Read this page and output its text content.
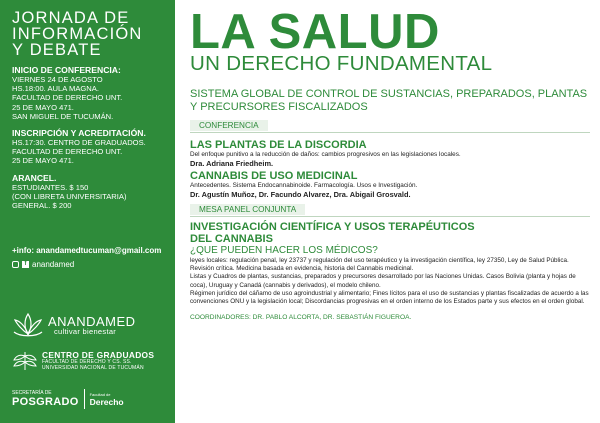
JORNADA DE
INFORMACIÓN
Y DEBATE
INICIO DE CONFERENCIA:
VIERNES 24 DE AGOSTO
HS.18:00. AULA MAGNA.
FACULTAD DE DERECHO UNT.
25 DE MAYO 471.
SAN MIGUEL DE TUCUMÁN.
INSCRIPCIÓN Y ACREDITACIÓN.
HS.17:30. CENTRO DE GRADUADOS.
FACULTAD DE DERECHO UNT.
25 DE MAYO 471.
ARANCEL.
ESTUDIANTES. $ 150
(CON LIBRETA UNIVERSITARIA)
GENERAL. $ 200
+info: anandamedtucuman@gmail.com
f anandamed
ANANDAMED
cultivar bienestar
CENTRO DE GRADUADOS
FACULTAD DE DERECHO Y CS. SS.
UNIVERSIDAD NACIONAL DE TUCUMÁN
SECRETARÍA DE
POSGRADO
Facultad de
Derecho
LA SALUD
UN DERECHO FUNDAMENTAL
SISTEMA GLOBAL DE CONTROL DE SUSTANCIAS, PREPARADOS, PLANTAS Y PRECURSORES FISCALIZADOS
CONFERENCIA
LAS PLANTAS DE LA DISCORDIA
Del enfoque punitivo a la reducción de daños: cambios progresivos en las legislaciones locales.
Dra. Adriana Friedheim.
CANNABIS DE USO MEDICINAL
Antecedentes. Sistema Endocannabinoide. Farmacología. Usos e Investigación.
Dr. Agustín Muñoz, Dr. Facundo Alvarez, Dra. Abigail Grosvald.
MESA PANEL CONJUNTA
INVESTIGACIÓN CIENTÍFICA Y USOS TERAPÉUTICOS
DEL CANNABIS
¿QUE PUEDEN HACER LOS MÉDICOS?
leyes locales: regulación penal, ley 23737 y regulación del uso terapéutico y la investigación científica, ley 27350, Ley de Salud Pública.
Revisión crítica. Medicina basada en evidencia, historia del Cannabis medicinal.
Listas y Cuadros de plantas, sustancias, preparados y precursores desarrollado por las Naciones Unidas. Casos Bolivia (planta y hojas de coca), Uruguay y Canadá (cannabis y derivados), el modelo chileno.
Régimen jurídico del cáñamo de uso agroindustrial y alimentario; Fines lícitos para el uso de sustancias y plantas fiscalizadas de acuerdo a las convenciones ONU y la legislación local; Discordancias progresivas en el orden interno de los Estados parte y sus efectos en el orden global.
COORDINADORES: DR. PABLO ALCORTA, DR. SEBASTIÁN FIGUEROA.
